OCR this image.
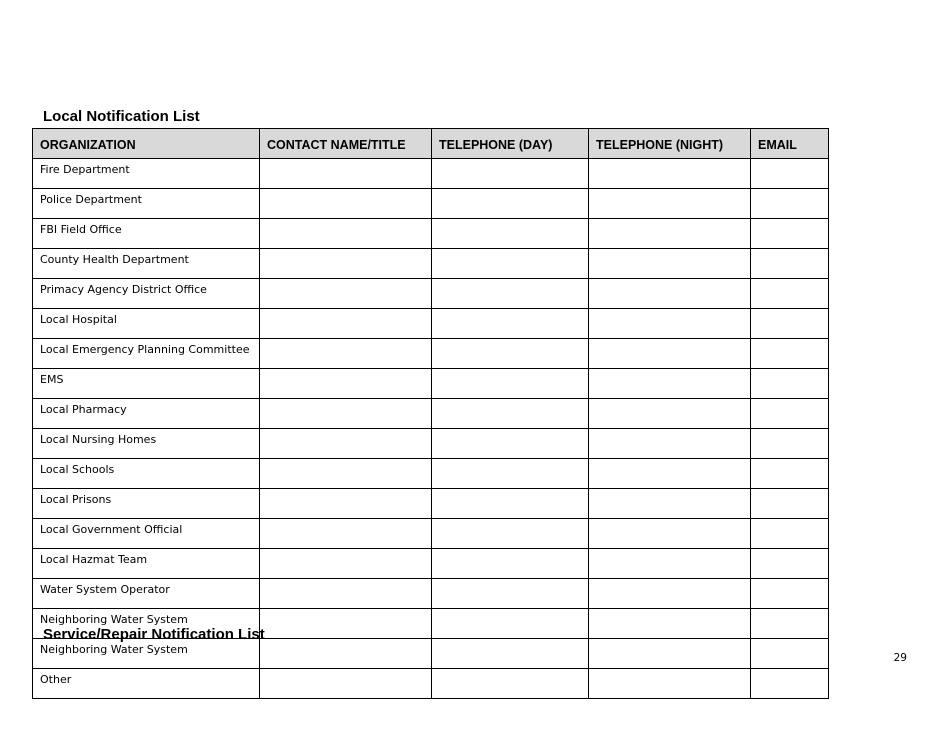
Local Notification List
ORGANIZATION	CONTACT NAME/TITLE	TELEPHONE (DAY)	TELEPHONE (NIGHT)	EMAIL
Fire Department				
Police Department				
FBI Field Office				
County Health Department				
Primacy Agency District Office				
Local Hospital				
Local Emergency Planning Committee				
EMS				
Local Pharmacy				
Local Nursing Homes				
Local Schools				
Local Prisons				
Local Government Official				
Local Hazmat Team				
Water System Operator				
Neighboring Water System				
Neighboring Water System				
Other				
Service/Repair Notification List
29
